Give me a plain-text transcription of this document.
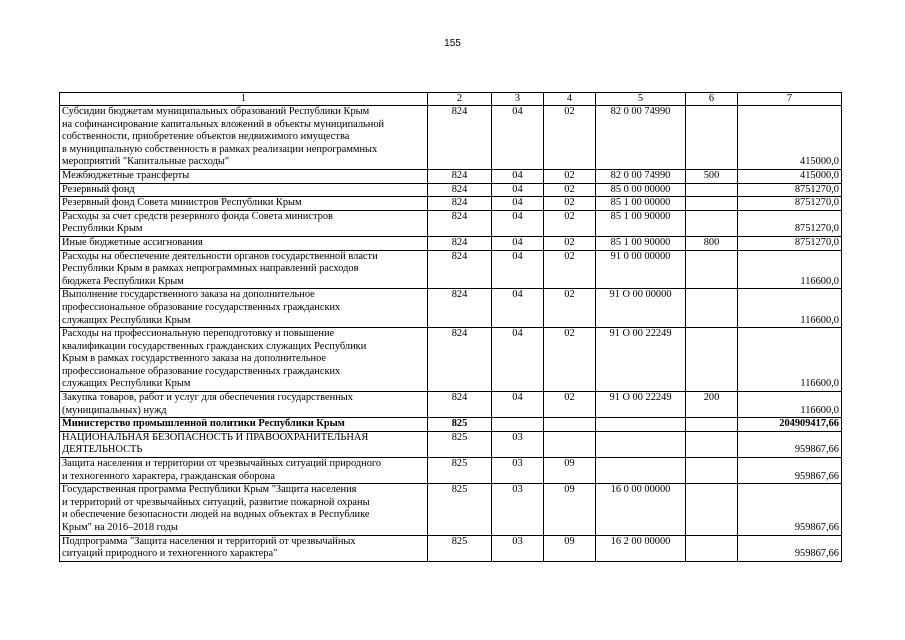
155
1	2	3	4	5	6	7

Субсидии бюджетам муниципальных образований Республики Крым
на софинансирование капитальных вложений в объекты муниципальной
собственности, приобретение объектов недвижимого имущества
в муниципальную собственность в рамках реализации непрограммных
мероприятий "Капитальные расходы"	824	04	02	82 0 00 74990		415000,0

Межбюджетные трансферты	824	04	02	82 0 00 74990	500	415000,0

Резервный фонд	824	04	02	85 0 00 00000		8751270,0

Резервный фонд Совета министров Республики Крым	824	04	02	85 1 00 00000		8751270,0

Расходы за счет средств резервного фонда Совета министров
Республики Крым	824	04	02	85 1 00 90000		8751270,0

Иные бюджетные ассигнования	824	04	02	85 1 00 90000	800	8751270,0

Расходы на обеспечение деятельности органов государственной власти
Республики Крым в рамках непрограммных направлений расходов
бюджета Республики Крым	824	04	02	91 0 00 00000		116600,0

Выполнение государственного заказа на дополнительное
профессиональное образование государственных гражданских
служащих Республики Крым	824	04	02	91 О 00 00000		116600,0

Расходы на профессиональную переподготовку и повышение
квалификации государственных гражданских служащих Республики
Крым в рамках государственного заказа на дополнительное
профессиональное образование государственных гражданских
служащих Республики Крым	824	04	02	91 О 00 22249		116600,0

Закупка товаров, работ и услуг для обеспечения государственных
(муниципальных) нужд	824	04	02	91 О 00 22249	200	116600,0

Министерство промышленной политики Республики Крым	825					204909417,66

НАЦИОНАЛЬНАЯ БЕЗОПАСНОСТЬ И ПРАВООХРАНИТЕЛЬНАЯ
ДЕЯТЕЛЬНОСТЬ	825	03				959867,66

Защита населения и территории от чрезвычайных ситуаций природного
и техногенного характера, гражданская оборона	825	03	09			959867,66

Государственная программа Республики Крым "Защита населения
и территорий от чрезвычайных ситуаций, развитие пожарной охраны
и обеспечение безопасности людей на водных объектах в Республике
Крым" на 2016–2018 годы	825	03	09	16 0 00 00000		959867,66

Подпрограмма "Защита населения и территорий от чрезвычайных
ситуаций природного и техногенного характера"	825	03	09	16 2 00 00000		959867,66
